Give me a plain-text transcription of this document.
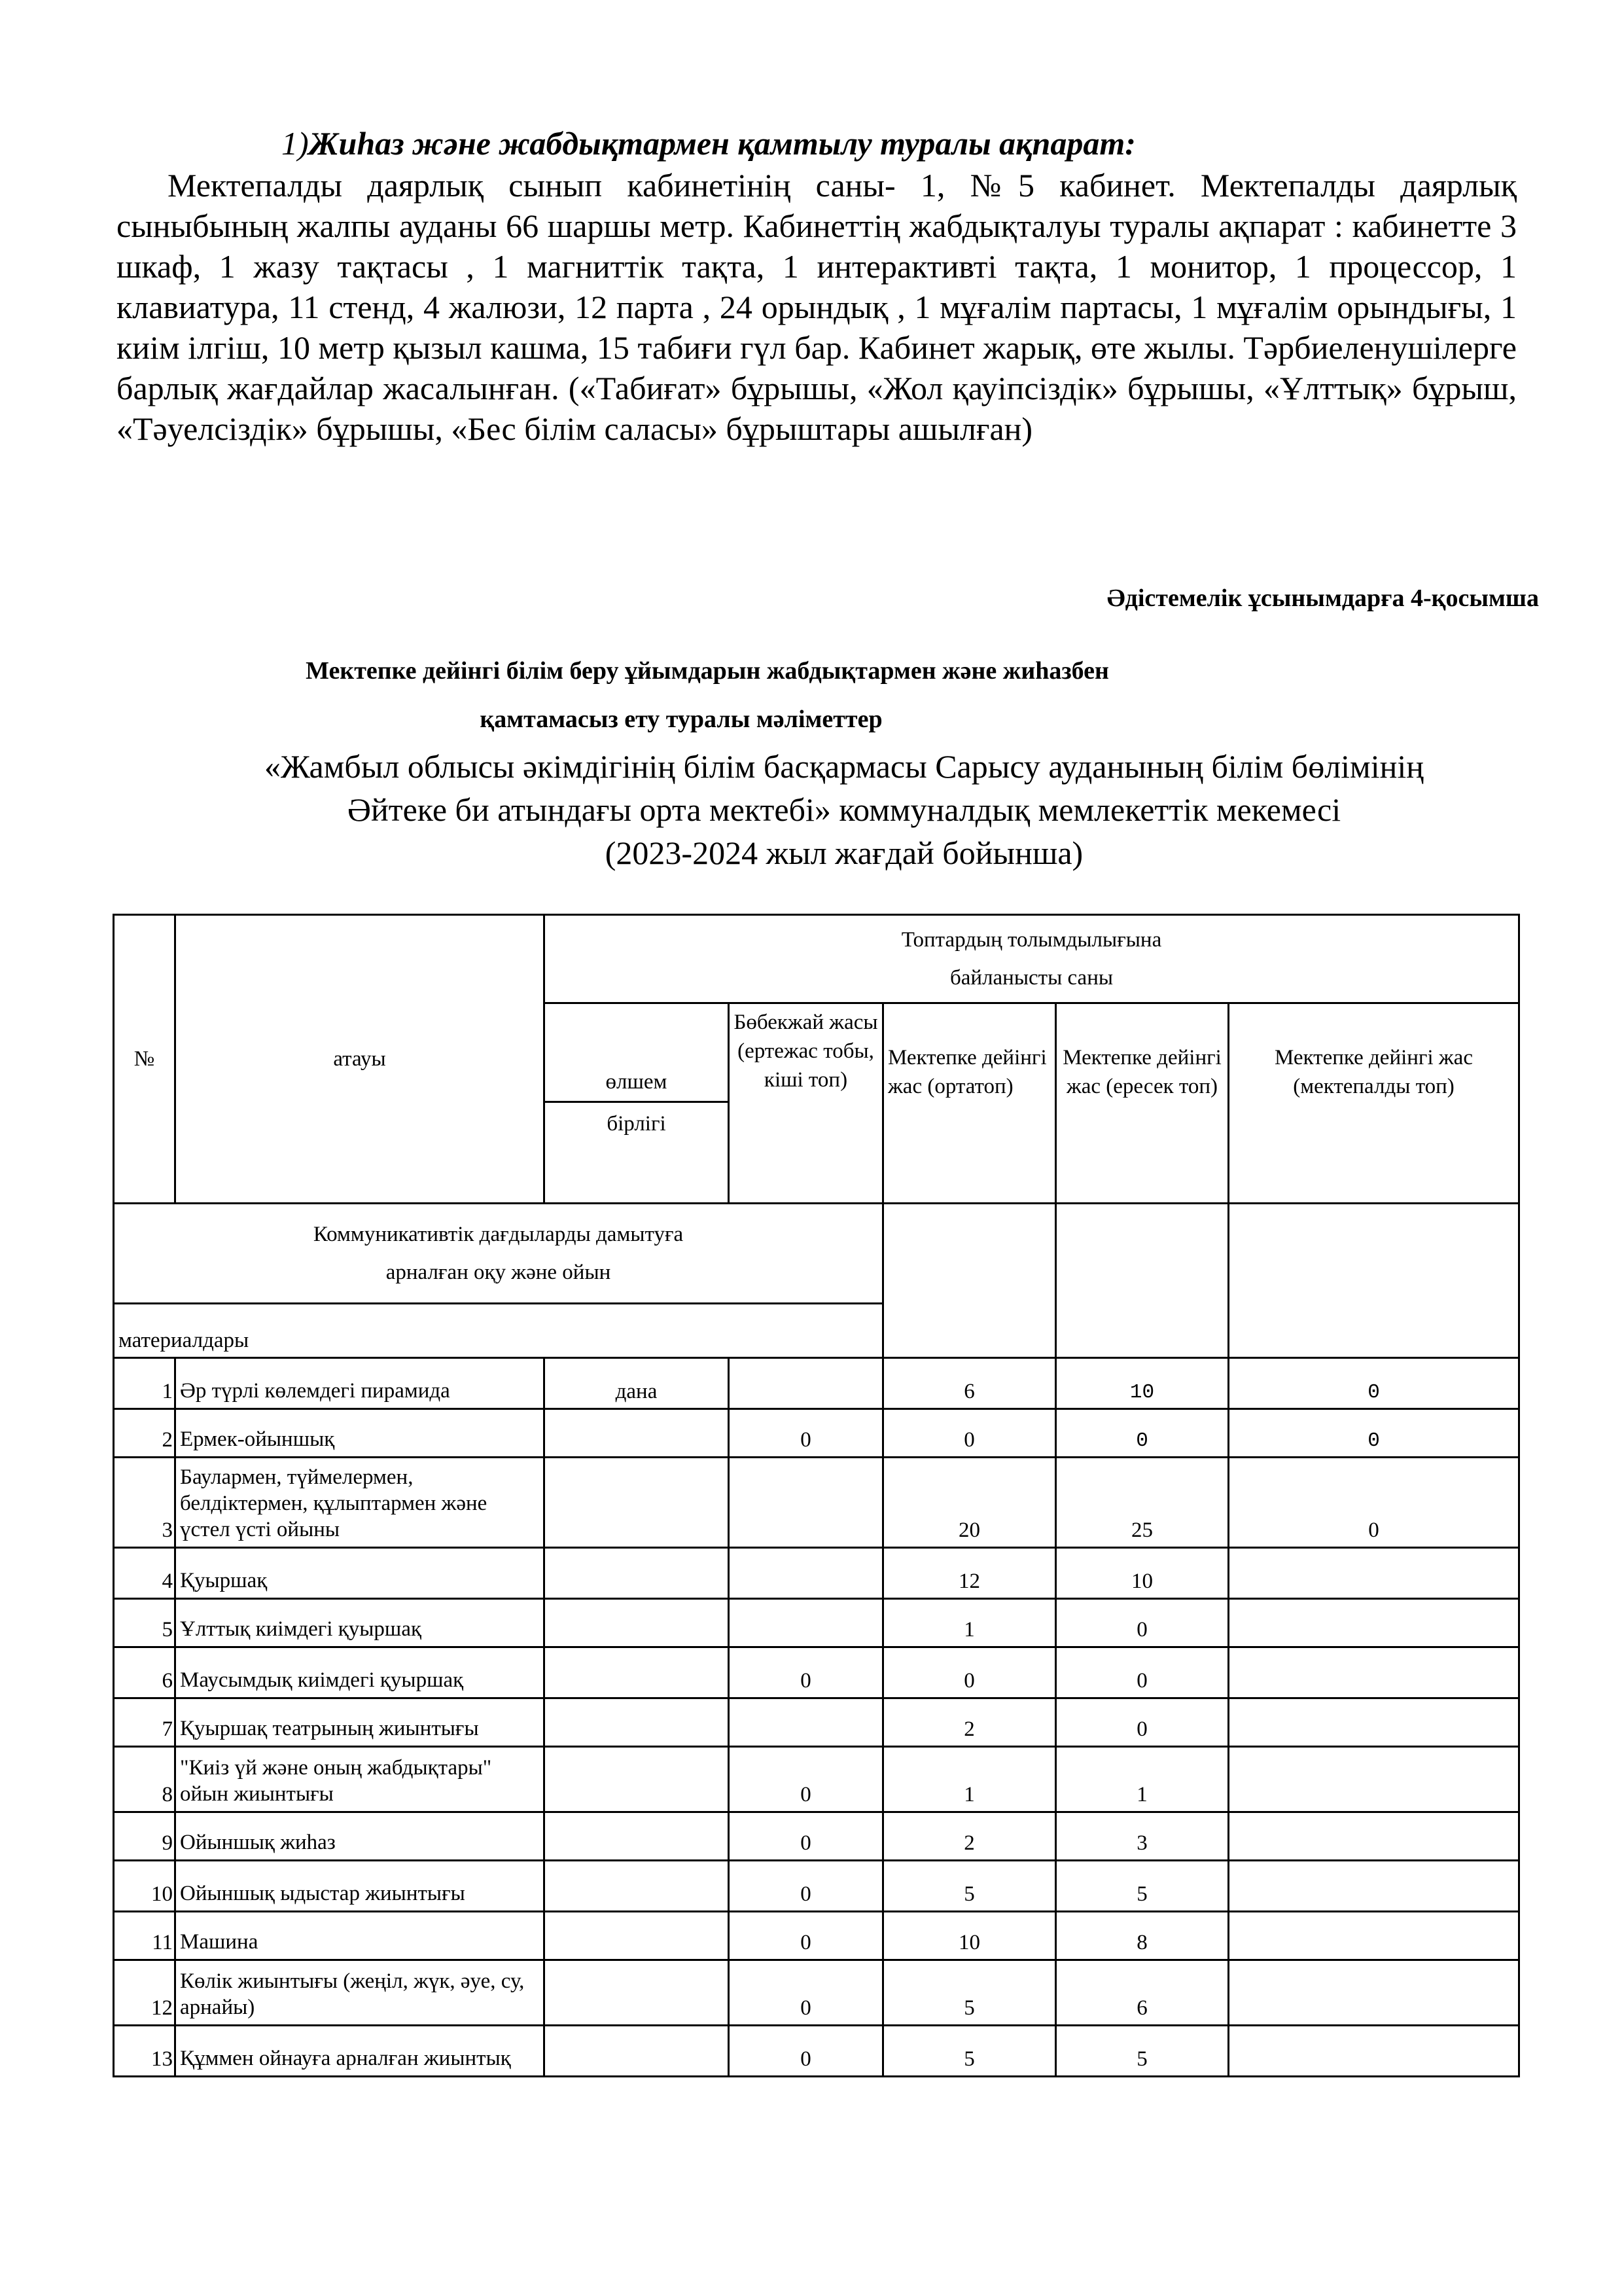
1)Жиһаз және жабдықтармен қамтылу туралы ақпарат:
Мектепалды даярлық сынып кабинетінің саны- 1, №5 кабинет. Мектепалды даярлық сыныбының жалпы ауданы 66 шаршы метр. Кабинеттің жабдықталуы туралы ақпарат : кабинетте 3 шкаф, 1 жазу тақтасы , 1 магниттік тақта, 1 интерактивті тақта, 1 монитор, 1 процессор, 1 клавиатура, 11 стенд, 4 жалюзи, 12 парта , 24 орындық , 1 мұғалім партасы, 1 мұғалім орындығы, 1 киім ілгіш, 10 метр қызыл кашма, 15 табиғи гүл бар. Кабинет жарық, өте жылы. Тәрбиеленушілерге барлық жағдайлар жасалынған. («Табиғат» бұрышы, «Жол қауіпсіздік» бұрышы, «Ұлттық» бұрыш, «Тәуелсіздік» бұрышы, «Бес білім саласы» бұрыштары ашылған)
Әдістемелік ұсынымдарға 4-қосымша
Мектепке дейінгі білім беру ұйымдарын жабдықтармен және жиһазбен
қамтамасыз ету туралы мәліметтер
«Жамбыл облысы әкімдігінің білім басқармасы Сарысу ауданының білім бөлімінің
Әйтеке би атындағы орта мектебі» коммуналдық мемлекеттік мекемесі
(2023-2024 жыл жағдай бойынша)
№	атауы	Топтардың толымдылығына
байланысты саны				

		өлшем	Бөбекжай жасы (ертежас тобы, кіші топ)	Мектепке дейінгі жас (ортатоп)	Мектепке дейінгі жас (ересек топ)	Мектепке дейінгі жас (мектепалды топ)
		бірлігі				

Коммуникативтік дағдыларды дамытуға
арналған оқу және ойын						

материалдары						
1	Әр түрлі көлемдегі пирамида	дана		6	10	0
2	Ермек-ойыншық		0	0	0	0
3	Баулармен, түймелермен, белдіктермен, құлыптармен және үстел үсті ойыны			20	25	0
4	Қуыршақ			12	10	
5	Ұлттық киімдегі қуыршақ			1	0	
6	Маусымдық киімдегі қуыршақ		0	0	0	
7	Қуыршақ театрының жиынтығы			2	0	
8	"Киіз үй және оның жабдықтары" ойын жиынтығы		0	1	1	
9	Ойыншық жиһаз		0	2	3	
10	Ойыншық ыдыстар жиынтығы		0	5	5	
11	Машина		0	10	8	
12	Көлік жиынтығы (жеңіл, жүк, әуе, су, арнайы)		0	5	6	
13	Құммен ойнауға арналған жиынтық		0	5	5	
